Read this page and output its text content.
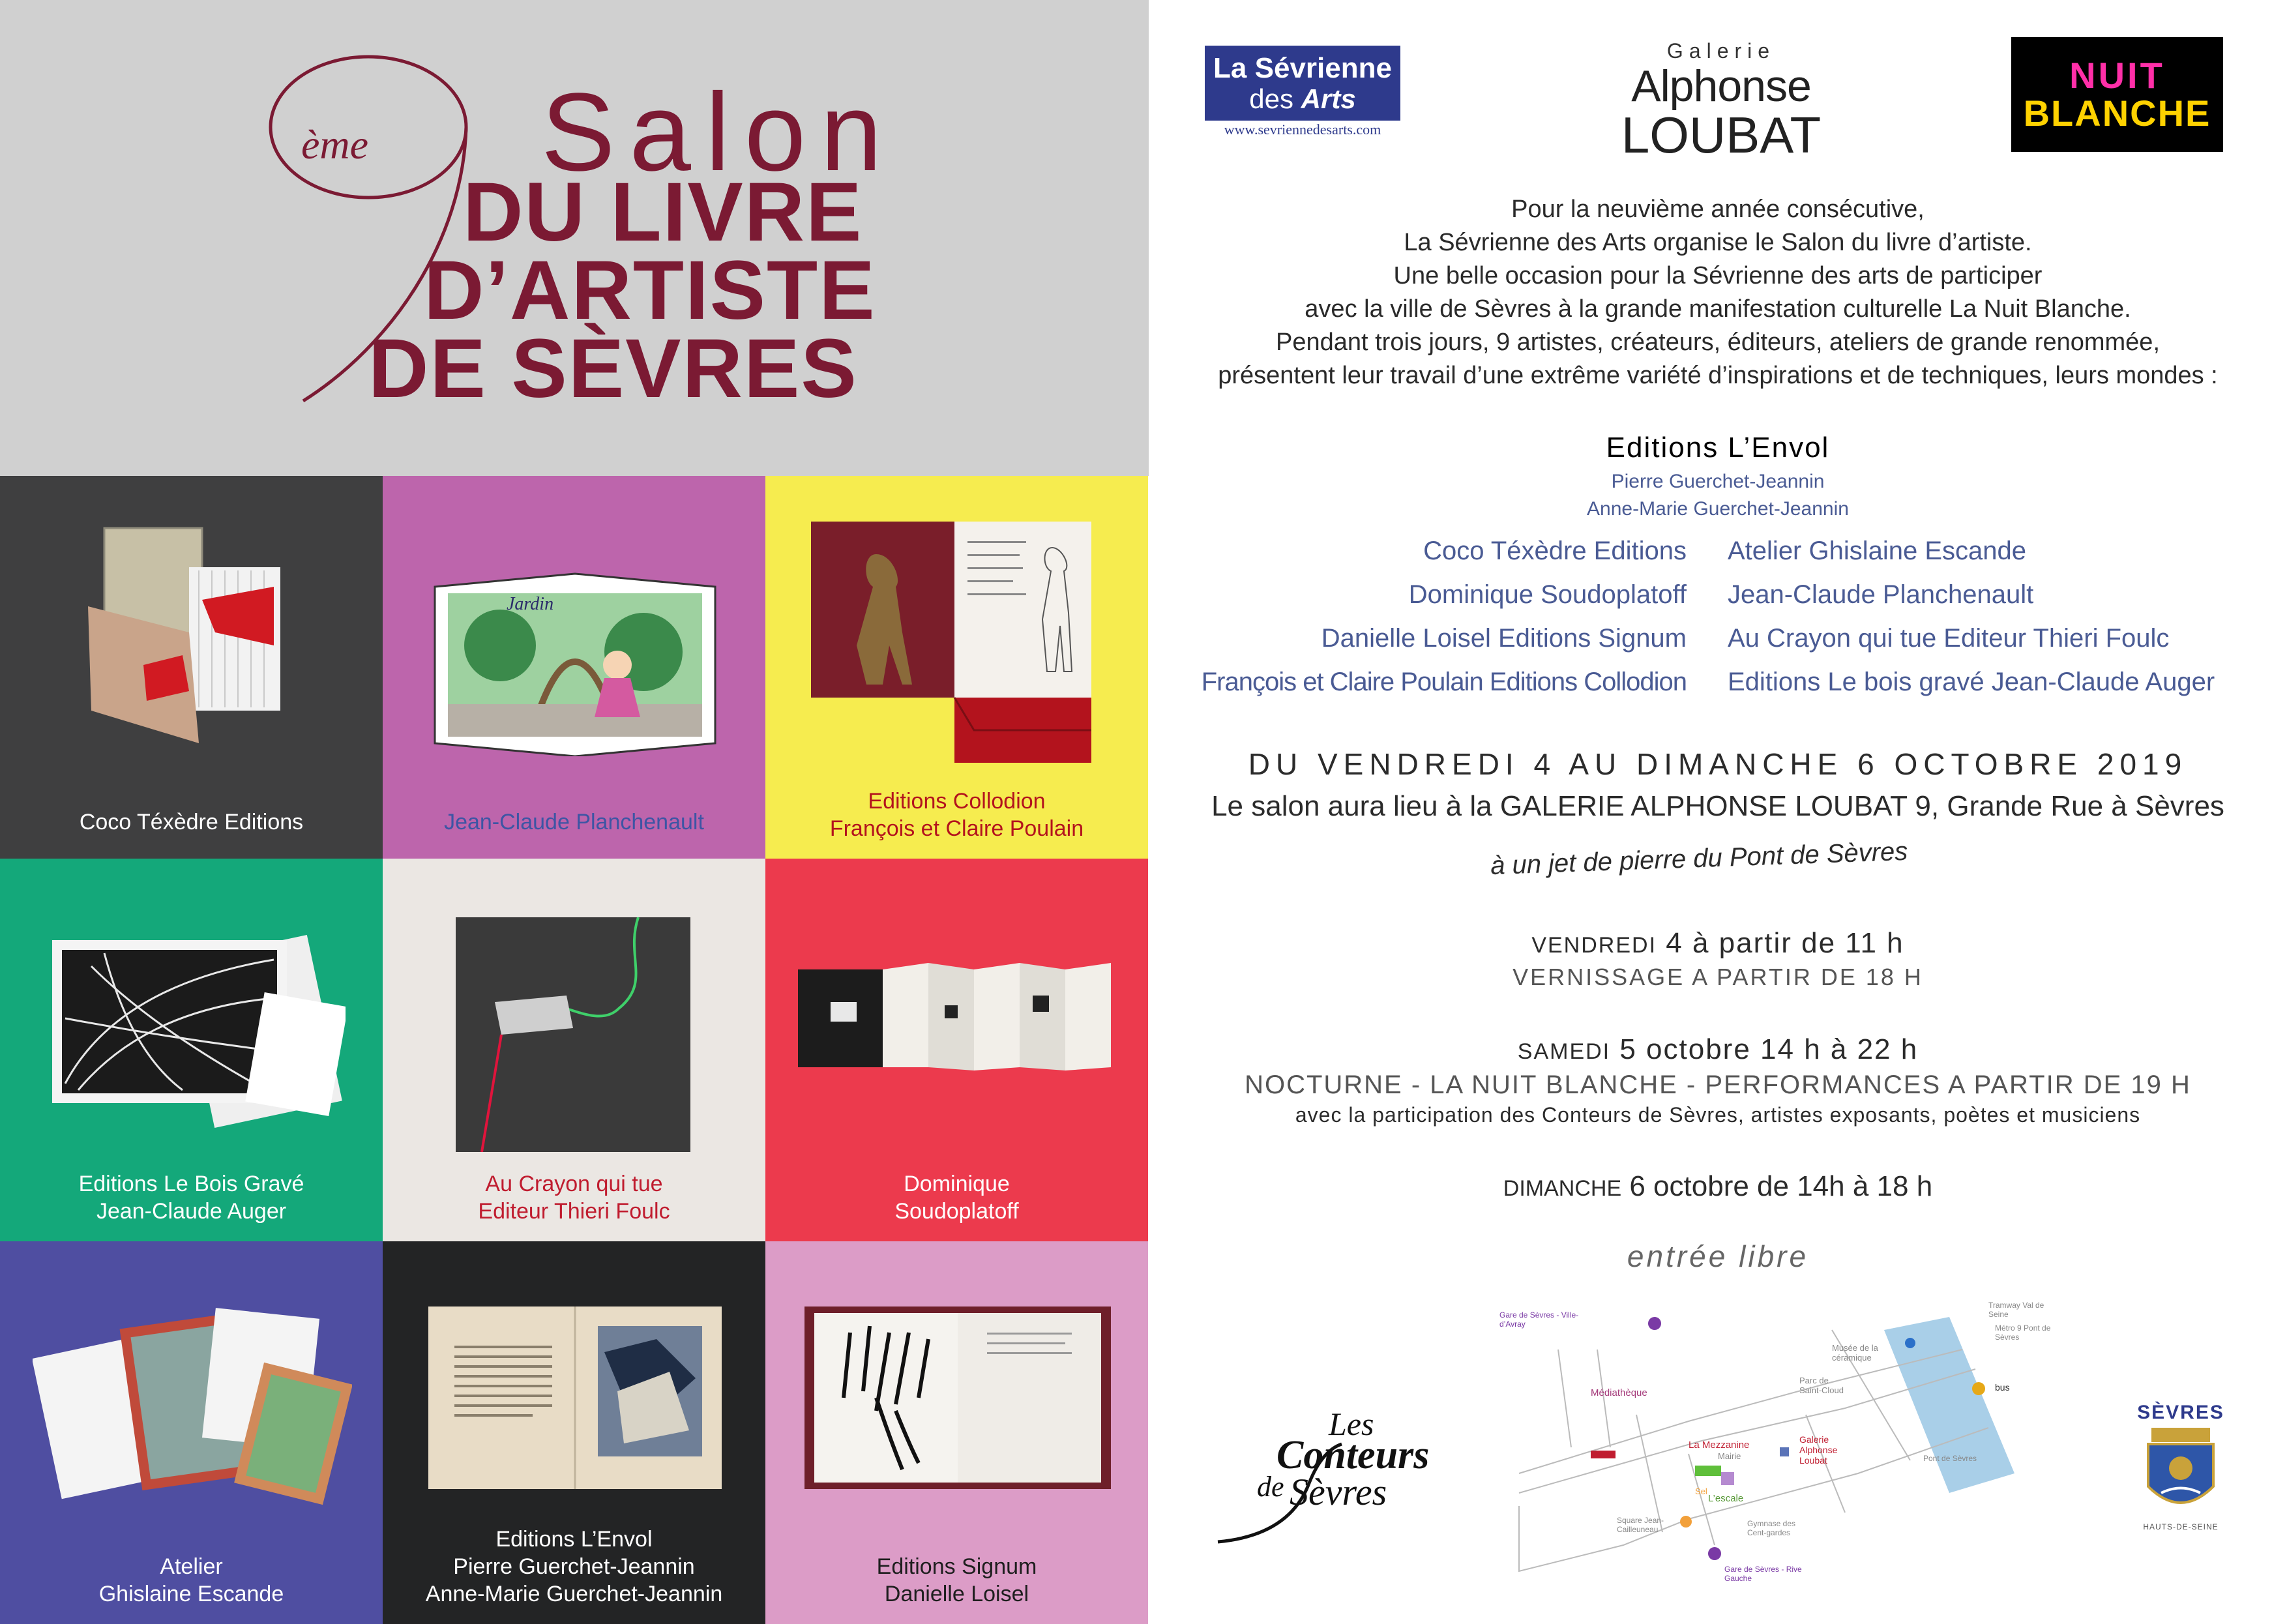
ème Salon
DU LIVRE
D’ARTISTE
DE SÈVRES
Coco Téxèdre Editions
Jardin
Jean-Claude Planchenault
Editions Collodion
François et Claire Poulain
Editions Le Bois Gravé
Jean-Claude Auger
Au Crayon qui tue
Editeur Thieri Foulc
Dominique
Soudoplatoff
Atelier
Ghislaine Escande
Editions L’Envol
Pierre Guerchet-Jeannin
Anne-Marie Guerchet-Jeannin
Editions Signum
Danielle Loisel
La Sévrienne
des Arts
www.sevriennedesarts.com
Galerie
Alphonse
LOUBAT
NUIT
BLANCHE
Pour la neuvième année consécutive,
La Sévrienne des Arts organise le Salon du livre d’artiste.
Une belle occasion pour la Sévrienne des arts de participer
avec la ville de Sèvres à la grande manifestation culturelle La Nuit Blanche.
Pendant trois jours, 9 artistes, créateurs, éditeurs, ateliers de grande renommée,
présentent leur travail d’une extrême variété d’inspirations et de techniques, leurs mondes :
Editions L’Envol
Pierre Guerchet-Jeannin
Anne-Marie Guerchet-Jeannin
Coco Téxèdre Editions
Dominique Soudoplatoff
Danielle Loisel Editions Signum
François et Claire Poulain Editions Collodion
Atelier Ghislaine Escande
Jean-Claude Planchenault
Au Crayon qui tue Editeur Thieri Foulc
Editions Le bois gravé Jean-Claude Auger
DU VENDREDI 4 AU DIMANCHE 6 OCTOBRE 2019
Le salon aura lieu à la GALERIE ALPHONSE LOUBAT 9, Grande Rue à Sèvres
à un jet de pierre du Pont de Sèvres
VENDREDI 4 à partir de 11 h
VERNISSAGE A PARTIR DE 18 H
SAMEDI 5 octobre 14 h à 22 h
NOCTURNE - LA NUIT BLANCHE - PERFORMANCES A PARTIR DE 19 H
avec la participation des Conteurs de Sèvres, artistes exposants, poètes et musiciens
DIMANCHE 6 octobre de 14h à 18 h
entrée libre
Les
Conteurs
de Sèvres
Médiathèque
La Mezzanine
Mairie
Galerie Alphonse Loubat
L’escale
Parc de Saint-Cloud
Musée de la céramique
Sel
Gare de Sèvres - Rive Gauche
Gare de Sèvres - Ville-d’Avray
Square Jean-Cailleuneau
Gymnase des Cent-gardes
Pont de Sèvres
Métro 9 Pont de Sèvres
Tramway Val de Seine
bus
SÈVRES
HAUTS-DE-SEINE
